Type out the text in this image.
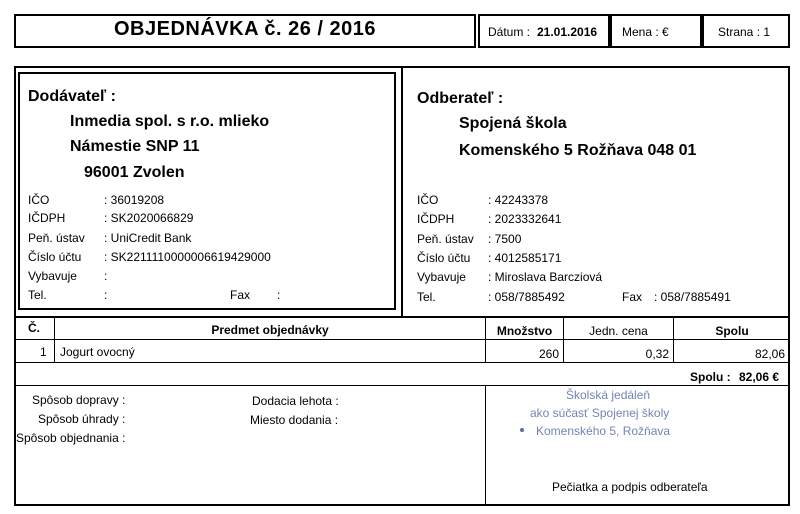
OBJEDNÁVKA č. 26 / 2016	Dátum : 21.01.2016 Mena : €	Strana : 1
Dodávateľ :
Inmedia spol. s r.o. mlieko
Námestie SNP 11
96001 Zvolen
IČO	: 36019208
IČDPH	: SK2020066829
Peň. ústav : UniCredit Bank
Číslo účtu : SK2211110000006619429000
Vybavuje :
Tel.	:	Fax :
Odberateľ :
Spojená škola
Komenského 5 Rožňava 048 01
IČO	: 42243378
IČDPH	: 2023332641
Peň. ústav : 7500
Číslo účtu : 4012585171
Vybavuje : Miroslava Barcziová
Tel.	: 058/7885492	Fax : 058/7885491
Č.	Predmet objednávky	Množstvo	Jedn. cena	Spolu
1 Jogurt ovocný	260	0,32	82,06
Spolu : 82,06 €
Spôsob dopravy :
Spôsob úhrady :
Spôsob objednania :
Dodacia lehota :
Miesto dodania :
Školská jedáleň
ako súčasť Spojenej školy
Komenského 5, Rožňava
Pečiatka a podpis odberateľa
